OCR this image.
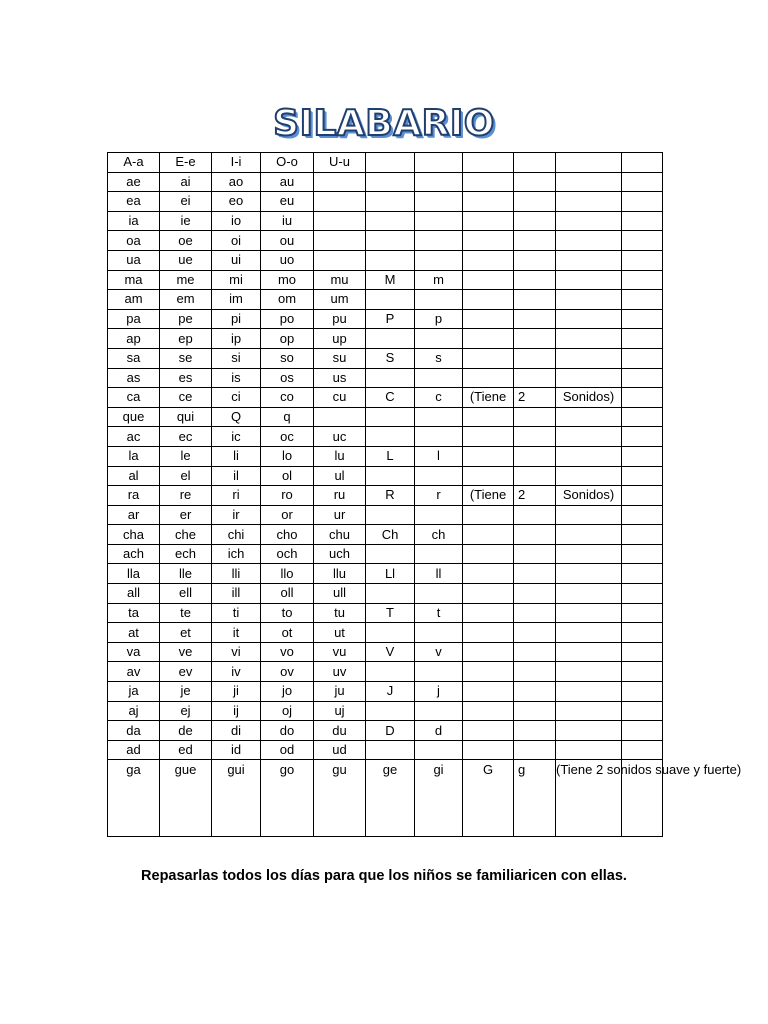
SILABARIO
A-a	E-e	I-i	O-o	U-u						
ae	ai	ao	au							
ea	ei	eo	eu							
ia	ie	io	iu							
oa	oe	oi	ou							
ua	ue	ui	uo							
ma	me	mi	mo	mu	M	m				
am	em	im	om	um						
pa	pe	pi	po	pu	P	p				
ap	ep	ip	op	up						
sa	se	si	so	su	S	s				
as	es	is	os	us						
ca	ce	ci	co	cu	C	c	(Tiene	2	Sonidos)	
que	qui	Q	q							
ac	ec	ic	oc	uc						
la	le	li	lo	lu	L	l				
al	el	il	ol	ul						
ra	re	ri	ro	ru	R	r	(Tiene	2	Sonidos)	
ar	er	ir	or	ur						
cha	che	chi	cho	chu	Ch	ch				
ach	ech	ich	och	uch						
lla	lle	lli	llo	llu	Ll	ll				
all	ell	ill	oll	ull						
ta	te	ti	to	tu	T	t				
at	et	it	ot	ut						
va	ve	vi	vo	vu	V	v				
av	ev	iv	ov	uv						
ja	je	ji	jo	ju	J	j				
aj	ej	ij	oj	uj						
da	de	di	do	du	D	d				
ad	ed	id	od	ud						
ga	gue	gui	go	gu	ge	gi	G	g	(Tiene 2 sonidos suave y fuerte)	
Repasarlas todos los días para que los niños se familiaricen con ellas.
